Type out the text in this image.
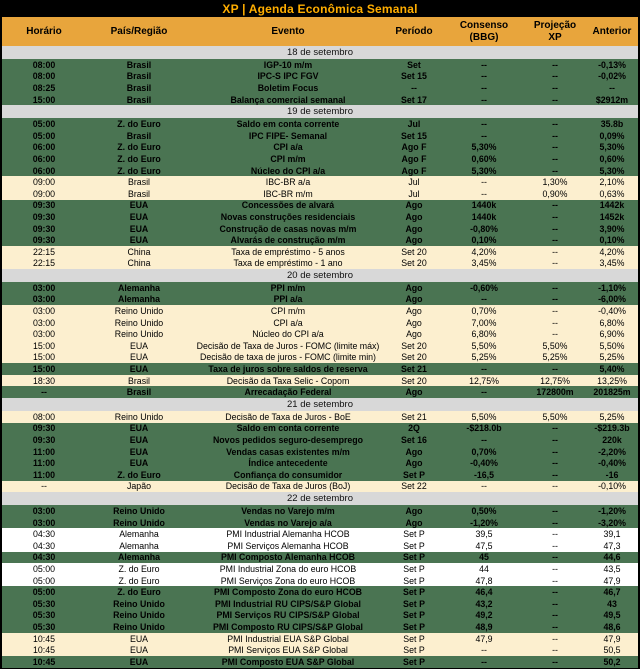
XP | Agenda Econômica Semanal
Horário	País/Região	Evento	Período	Consenso (BBG)	Projeção XP	Anterior
18 de setembro						
08:00	Brasil	IGP-10 m/m	Set	--	--	-0,13%
08:00	Brasil	IPC-S IPC FGV	Set 15	--	--	-0,02%
08:25	Brasil	Boletim Focus	--	--	--	--
15:00	Brasil	Balança comercial semanal	Set 17	--	--	$2912m
19 de setembro						
05:00	Z. do Euro	Saldo em conta corrente	Jul	--	--	35.8b
05:00	Brasil	IPC FIPE- Semanal	Set 15	--	--	0,09%
06:00	Z. do Euro	CPI a/a	Ago F	5,30%	--	5,30%
06:00	Z. do Euro	CPI m/m	Ago F	0,60%	--	0,60%
06:00	Z. do Euro	Núcleo do CPI a/a	Ago F	5,30%	--	5,30%
09:00	Brasil	IBC-BR a/a	Jul	--	1,30%	2,10%
09:00	Brasil	IBC-BR m/m	Jul	--	0,90%	0,63%
09:30	EUA	Concessões de alvará	Ago	1440k	--	1442k
09:30	EUA	Novas construções residenciais	Ago	1440k	--	1452k
09:30	EUA	Construção de casas novas m/m	Ago	-0,80%	--	3,90%
09:30	EUA	Alvarás de construção m/m	Ago	0,10%	--	0,10%
22:15	China	Taxa de empréstimo - 5 anos	Set 20	4,20%	--	4,20%
22:15	China	Taxa de empréstimo - 1 ano	Set 20	3,45%	--	3,45%
20 de setembro						
03:00	Alemanha	PPI m/m	Ago	-0,60%	--	-1,10%
03:00	Alemanha	PPI a/a	Ago	--	--	-6,00%
03:00	Reino Unido	CPI m/m	Ago	0,70%	--	-0,40%
03:00	Reino Unido	CPI a/a	Ago	7,00%	--	6,80%
03:00	Reino Unido	Núcleo do CPI a/a	Ago	6,80%	--	6,90%
15:00	EUA	Decisão de Taxa de Juros - FOMC (limite máx)	Set 20	5,50%	5,50%	5,50%
15:00	EUA	Decisão de taxa de juros - FOMC (limite min)	Set 20	5,25%	5,25%	5,25%
15:00	EUA	Taxa de juros sobre saldos de reserva	Set 21	--	--	5,40%
18:30	Brasil	Decisão da Taxa Selic - Copom	Set 20	12,75%	12,75%	13,25%
--	Brasil	Arrecadação Federal	Ago	--	172800m	201825m
21 de setembro						
08:00	Reino Unido	Decisão de Taxa de Juros - BoE	Set 21	5,50%	5,50%	5,25%
09:30	EUA	Saldo em conta corrente	2Q	-$218.0b	--	-$219.3b
09:30	EUA	Novos pedidos seguro-desemprego	Set 16	--	--	220k
11:00	EUA	Vendas casas existentes m/m	Ago	0,70%	--	-2,20%
11:00	EUA	Índice antecedente	Ago	-0,40%	--	-0,40%
11:00	Z. do Euro	Confiança do consumidor	Set P	-16,5	--	-16
--	Japão	Decisão de Taxa de Juros (BoJ)	Set 22	--	--	-0,10%
22 de setembro						
03:00	Reino Unido	Vendas no Varejo m/m	Ago	0,50%	--	-1,20%
03:00	Reino Unido	Vendas no Varejo a/a	Ago	-1,20%	--	-3,20%
04:30	Alemanha	PMI Industrial Alemanha HCOB	Set P	39,5	--	39,1
04:30	Alemanha	PMI Serviços Alemanha HCOB	Set P	47,5	--	47,3
04:30	Alemanha	PMI Composto Alemanha HCOB	Set P	45	--	44,6
05:00	Z. do Euro	PMI Industrial Zona do euro HCOB	Set P	44	--	43,5
05:00	Z. do Euro	PMI Serviços Zona do euro HCOB	Set P	47,8	--	47,9
05:00	Z. do Euro	PMI Composto Zona do euro HCOB	Set P	46,4	--	46,7
05:30	Reino Unido	PMI Industrial RU CIPS/S&P Global	Set P	43,2	--	43
05:30	Reino Unido	PMI Serviços RU CIPS/S&P Global	Set P	49,2	--	49,5
05:30	Reino Unido	PMI Composto RU CIPS/S&P Global	Set P	48,9	--	48,6
10:45	EUA	PMI Industrial EUA S&P Global	Set P	47,9	--	47,9
10:45	EUA	PMI Serviços EUA S&P Global	Set P	--	--	50,5
10:45	EUA	PMI Composto EUA S&P Global	Set P	--	--	50,2
